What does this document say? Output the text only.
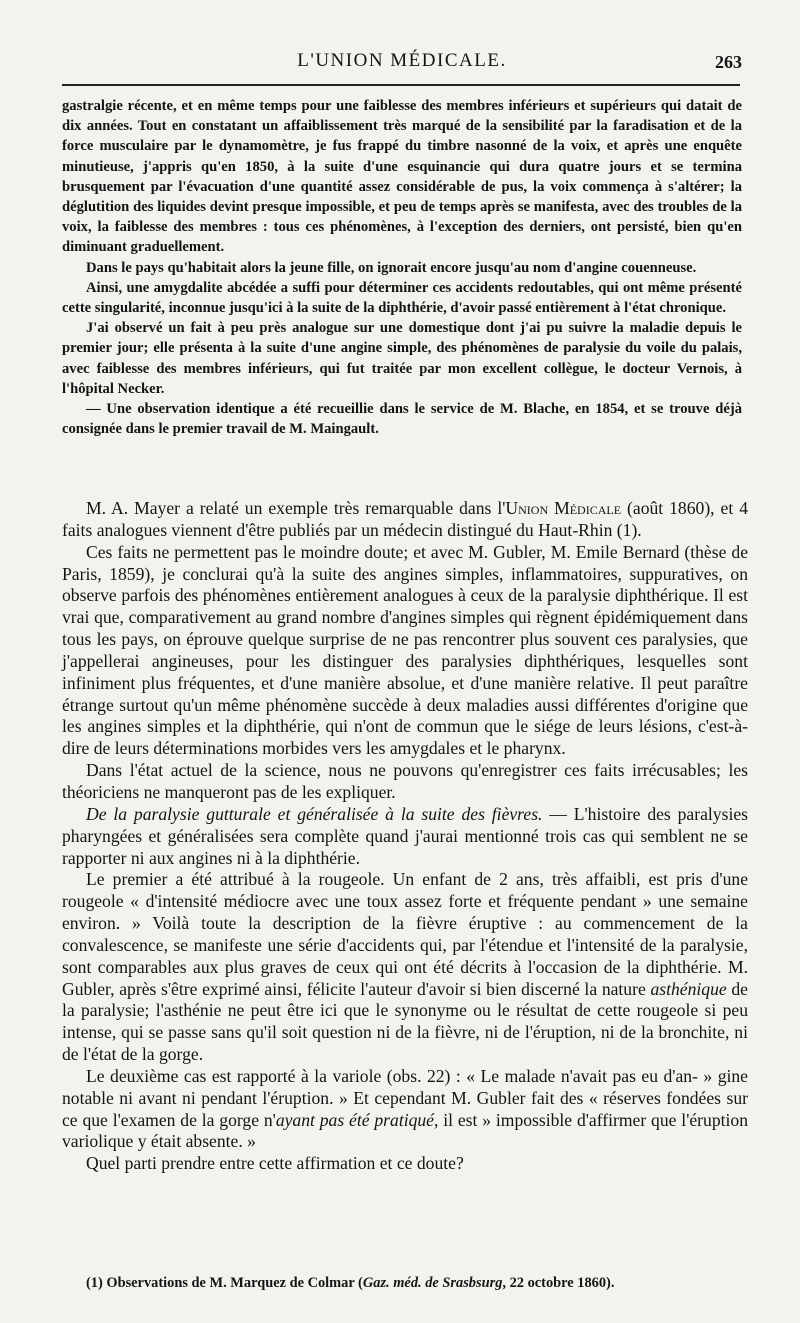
L'UNION MÉDICALE.	263

gastralgie récente, et en même temps pour une faiblesse des membres inférieurs et supérieurs qui datait de dix années. Tout en constatant un affaiblissement très marqué de la sensibilité par la faradisation et de la force musculaire par le dynamomètre, je fus frappé du timbre nasonné de la voix, et après une enquête minutieuse, j'appris qu'en 1850, à la suite d'une esquinancie qui dura quatre jours et se termina brusquement par l'évacuation d'une quantité assez considérable de pus, la voix commença à s'altérer; la déglutition des liquides devint presque impossible, et peu de temps après se manifesta, avec des troubles de la voix, la faiblesse des membres : tous ces phénomènes, à l'exception des derniers, ont persisté, bien qu'en diminuant graduellement.

Dans le pays qu'habitait alors la jeune fille, on ignorait encore jusqu'au nom d'angine couenneuse.

Ainsi, une amygdalite abcédée a suffi pour déterminer ces accidents redoutables, qui ont même présenté cette singularité, inconnue jusqu'ici à la suite de la diphthérie, d'avoir passé entièrement à l'état chronique.

J'ai observé un fait à peu près analogue sur une domestique dont j'ai pu suivre la maladie depuis le premier jour; elle présenta à la suite d'une angine simple, des phénomènes de paralysie du voile du palais, avec faiblesse des membres inférieurs, qui fut traitée par mon excellent collègue, le docteur Vernois, à l'hôpital Necker.

— Une observation identique a été recueillie dans le service de M. Blache, en 1854, et se trouve déjà consignée dans le premier travail de M. Maingault.

M. A. Mayer a relaté un exemple très remarquable dans l'Union Médicale (août 1860), et 4 faits analogues viennent d'être publiés par un médecin distingué du Haut-Rhin (1).

Ces faits ne permettent pas le moindre doute; et avec M. Gubler, M. Emile Bernard (thèse de Paris, 1859), je conclurai qu'à la suite des angines simples, inflammatoires, suppuratives, on observe parfois des phénomènes entièrement analogues à ceux de la paralysie diphthérique. Il est vrai que, comparativement au grand nombre d'angines simples qui règnent épidémiquement dans tous les pays, on éprouve quelque surprise de ne pas rencontrer plus souvent ces paralysies, que j'appellerai angineuses, pour les distinguer des paralysies diphthériques, lesquelles sont infiniment plus fréquentes, et d'une manière absolue, et d'une manière relative. Il peut paraître étrange surtout qu'un même phénomène succède à deux maladies aussi différentes d'origine que les angines simples et la diphthérie, qui n'ont de commun que le siége de leurs lésions, c'est-à-dire de leurs déterminations morbides vers les amygdales et le pharynx.

Dans l'état actuel de la science, nous ne pouvons qu'enregistrer ces faits irrécusables; les théoriciens ne manqueront pas de les expliquer.

De la paralysie gutturale et généralisée à la suite des fièvres. — L'histoire des paralysies pharyngées et généralisées sera complète quand j'aurai mentionné trois cas qui semblent ne se rapporter ni aux angines ni à la diphthérie.

Le premier a été attribué à la rougeole. Un enfant de 2 ans, très affaibli, est pris d'une rougeole « d'intensité médiocre avec une toux assez forte et fréquente pendant » une semaine environ. » Voilà toute la description de la fièvre éruptive : au commencement de la convalescence, se manifeste une série d'accidents qui, par l'étendue et l'intensité de la paralysie, sont comparables aux plus graves de ceux qui ont été décrits à l'occasion de la diphthérie. M. Gubler, après s'être exprimé ainsi, félicite l'auteur d'avoir si bien discerné la nature asthénique de la paralysie; l'asthénie ne peut être ici que le synonyme ou le résultat de cette rougeole si peu intense, qui se passe sans qu'il soit question ni de la fièvre, ni de l'éruption, ni de la bronchite, ni de l'état de la gorge.

Le deuxième cas est rapporté à la variole (obs. 22) : « Le malade n'avait pas eu d'an- » gine notable ni avant ni pendant l'éruption. » Et cependant M. Gubler fait des « réserves fondées sur ce que l'examen de la gorge n'ayant pas été pratiqué, il est » impossible d'affirmer que l'éruption variolique y était absente. »

Quel parti prendre entre cette affirmation et ce doute?

(1) Observations de M. Marquez de Colmar (Gaz. méd. de Srasbsurg, 22 octobre 1860).
